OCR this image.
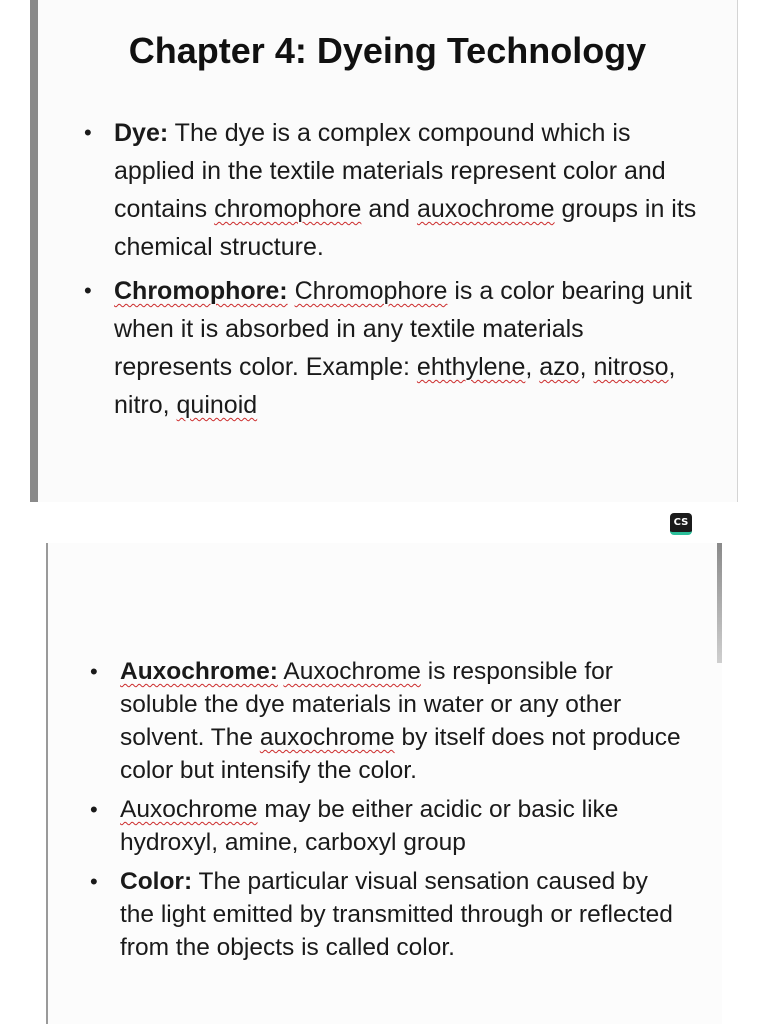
Chapter 4: Dyeing Technology
• Dye: The dye is a complex compound which is applied in the textile materials represent color and contains chromophore and auxochrome groups in its chemical structure.
• Chromophore: Chromophore is a color bearing unit when it is absorbed in any textile materials represents color. Example: ehthylene, azo, nitroso, nitro, quinoid
CS
• Auxochrome: Auxochrome is responsible for soluble the dye materials in water or any other solvent. The auxochrome by itself does not produce color but intensify the color.
• Auxochrome may be either acidic or basic like hydroxyl, amine, carboxyl group
• Color: The particular visual sensation caused by the light emitted by transmitted through or reflected from the objects is called color.
